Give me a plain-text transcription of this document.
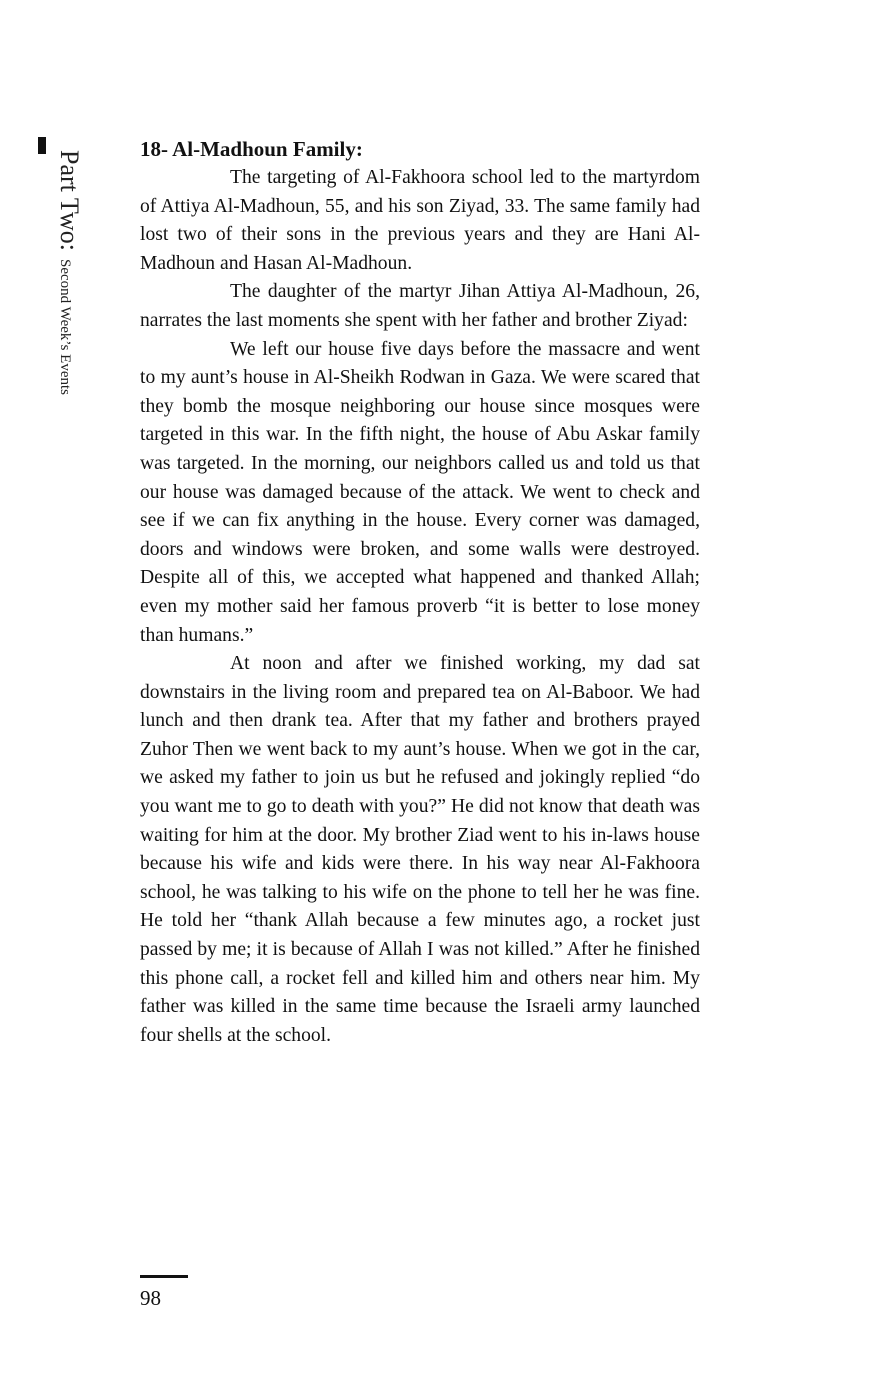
Part Two: Second Week’s Events
18- Al-Madhoun Family:

The targeting of Al-Fakhoora school led to the martyrdom of Attiya Al-Madhoun, 55, and his son Ziyad, 33. The same family had lost two of their sons in the previous years and they are Hani Al-Madhoun and Hasan Al-Madhoun.

The daughter of the martyr Jihan Attiya Al-Madhoun, 26, narrates the last moments she spent with her father and brother Ziyad:

We left our house five days before the massacre and went to my aunt’s house in Al-Sheikh Rodwan in Gaza. We were scared that they bomb the mosque neighboring our house since mosques were targeted in this war. In the fifth night, the house of Abu Askar family was targeted. In the morning, our neighbors called us and told us that our house was damaged because of the attack. We went to check and see if we can fix anything in the house. Every corner was damaged, doors and windows were broken, and some walls were destroyed. Despite all of this, we accepted what happened and thanked Allah; even my mother said her famous proverb “it is better to lose money than humans.”

At noon and after we finished working, my dad sat downstairs in the living room and prepared tea on Al-Baboor. We had lunch and then drank tea. After that my father and brothers prayed Zuhor Then we went back to my aunt’s house. When we got in the car, we asked my father to join us but he refused and jokingly replied “do you want me to go to death with you?” He did not know that death was waiting for him at the door. My brother Ziad went to his in-laws house because his wife and kids were there. In his way near Al-Fakhoora school, he was talking to his wife on the phone to tell her he was fine. He told her “thank Allah because a few minutes ago, a rocket just passed by me; it is because of Allah I was not killed.” After he finished this phone call, a rocket fell and killed him and others near him. My father was killed in the same time because the Israeli army launched four shells at the school.

98
